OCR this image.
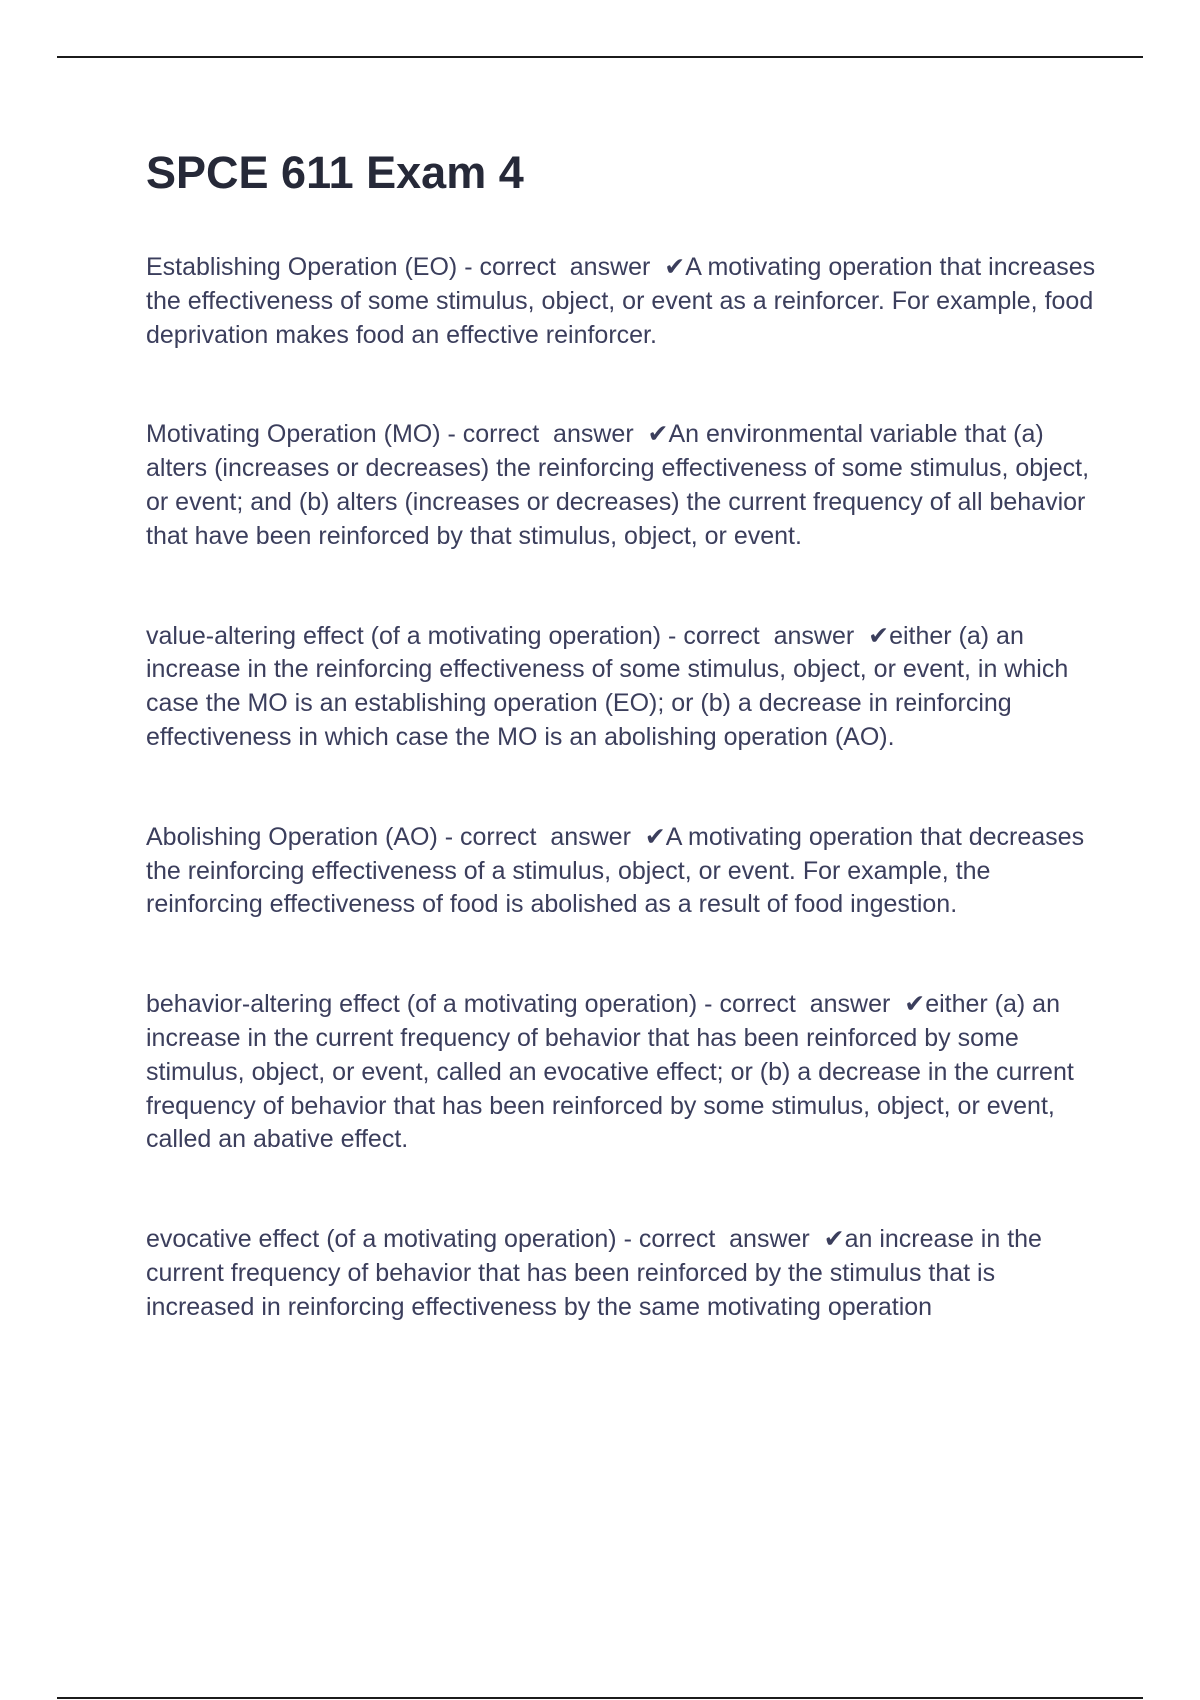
SPCE 611 Exam 4

Establishing Operation (EO) - correct  answer  ✔A motivating operation that increases the effectiveness of some stimulus, object, or event as a reinforcer. For example, food deprivation makes food an effective reinforcer.

Motivating Operation (MO) - correct  answer  ✔An environmental variable that (a) alters (increases or decreases) the reinforcing effectiveness of some stimulus, object, or event; and (b) alters (increases or decreases) the current frequency of all behavior that have been reinforced by that stimulus, object, or event.

value-altering effect (of a motivating operation) - correct  answer  ✔either (a) an increase in the reinforcing effectiveness of some stimulus, object, or event, in which case the MO is an establishing operation (EO); or (b) a decrease in reinforcing effectiveness in which case the MO is an abolishing operation (AO).

Abolishing Operation (AO) - correct  answer  ✔A motivating operation that decreases the reinforcing effectiveness of a stimulus, object, or event. For example, the reinforcing effectiveness of food is abolished as a result of food ingestion.

behavior-altering effect (of a motivating operation) - correct  answer  ✔either (a) an increase in the current frequency of behavior that has been reinforced by some stimulus, object, or event, called an evocative effect; or (b) a decrease in the current frequency of behavior that has been reinforced by some stimulus, object, or event, called an abative effect.

evocative effect (of a motivating operation) - correct  answer  ✔an increase in the current frequency of behavior that has been reinforced by the stimulus that is increased in reinforcing effectiveness by the same motivating operation
